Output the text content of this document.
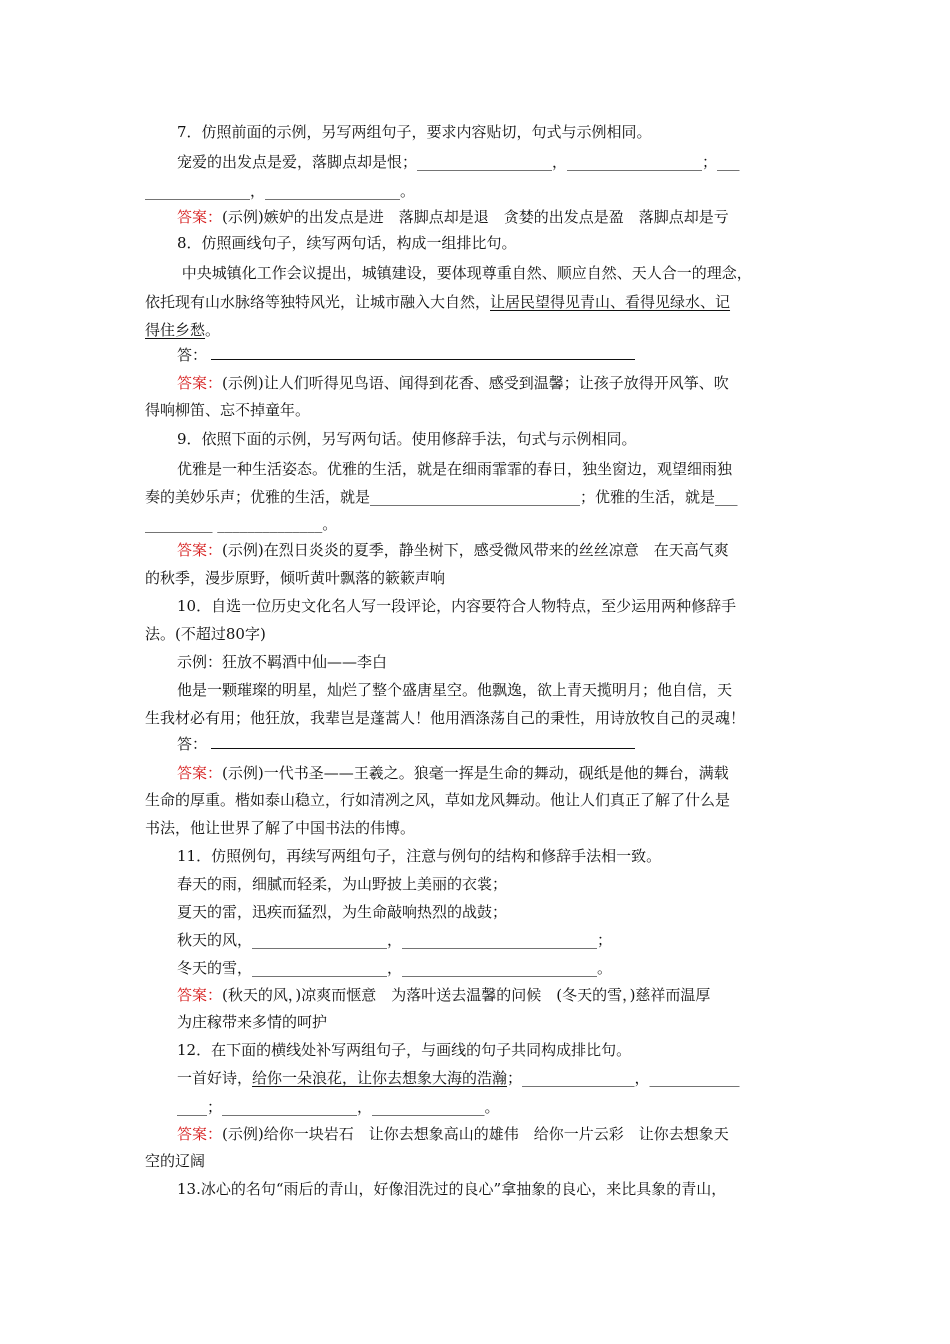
7．仿照前面的示例，另写两组句子，要求内容贴切，句式与示例相同。
宠爱的出发点是爱，落脚点却是恨；__________________，__________________；___
______________，__________________。
答案：(示例)嫉妒的出发点是进　落脚点却是退　贪婪的出发点是盈　落脚点却是亏
8．仿照画线句子，续写两句话，构成一组排比句。
中央城镇化工作会议提出，城镇建设，要体现尊重自然、顺应自然、天人合一的理念，
依托现有山水脉络等独特风光，让城市融入大自然，让居民望得见青山、看得见绿水、记
得住乡愁。
答：
答案：(示例)让人们听得见鸟语、闻得到花香、感受到温馨；让孩子放得开风筝、吹
得响柳笛、忘不掉童年。
9．依照下面的示例，另写两句话。使用修辞手法，句式与示例相同。
优雅是一种生活姿态。优雅的生活，就是在细雨霏霏的春日，独坐窗边，观望细雨独
奏的美妙乐声；优雅的生活，就是____________________________；优雅的生活，就是___
_________ ______________。
答案：(示例)在烈日炎炎的夏季，静坐树下，感受微风带来的丝丝凉意　在天高气爽
的秋季，漫步原野，倾听黄叶飘落的簌簌声响
10．自选一位历史文化名人写一段评论，内容要符合人物特点，至少运用两种修辞手
法。(不超过80字)
示例：狂放不羁酒中仙——李白
他是一颗璀璨的明星，灿烂了整个盛唐星空。他飘逸，欲上青天揽明月；他自信，天
生我材必有用；他狂放，我辈岂是蓬蒿人！他用酒涤荡自己的秉性，用诗放牧自己的灵魂！
答：
答案：(示例)一代书圣——王羲之。狼毫一挥是生命的舞动，砚纸是他的舞台，满载
生命的厚重。楷如泰山稳立，行如清冽之风，草如龙风舞动。他让人们真正了解了什么是
书法，他让世界了解了中国书法的伟博。
11．仿照例句，再续写两组句子，注意与例句的结构和修辞手法相一致。
春天的雨，细腻而轻柔，为山野披上美丽的衣裳；
夏天的雷，迅疾而猛烈，为生命敲响热烈的战鼓；
秋天的风，__________________，__________________________；
冬天的雪，__________________，__________________________。
答案：(秋天的风，)凉爽而惬意　为落叶送去温馨的问候　(冬天的雪，)慈祥而温厚
为庄稼带来多情的呵护
12．在下面的横线处补写两组句子，与画线的句子共同构成排比句。
一首好诗，给你一朵浪花，让你去想象大海的浩瀚；_______________，____________
____；__________________，_______________。
答案：(示例)给你一块岩石　让你去想象高山的雄伟　给你一片云彩　让你去想象天
空的辽阔
13.冰心的名句“雨后的青山，好像泪洗过的良心”拿抽象的良心，来比具象的青山，
